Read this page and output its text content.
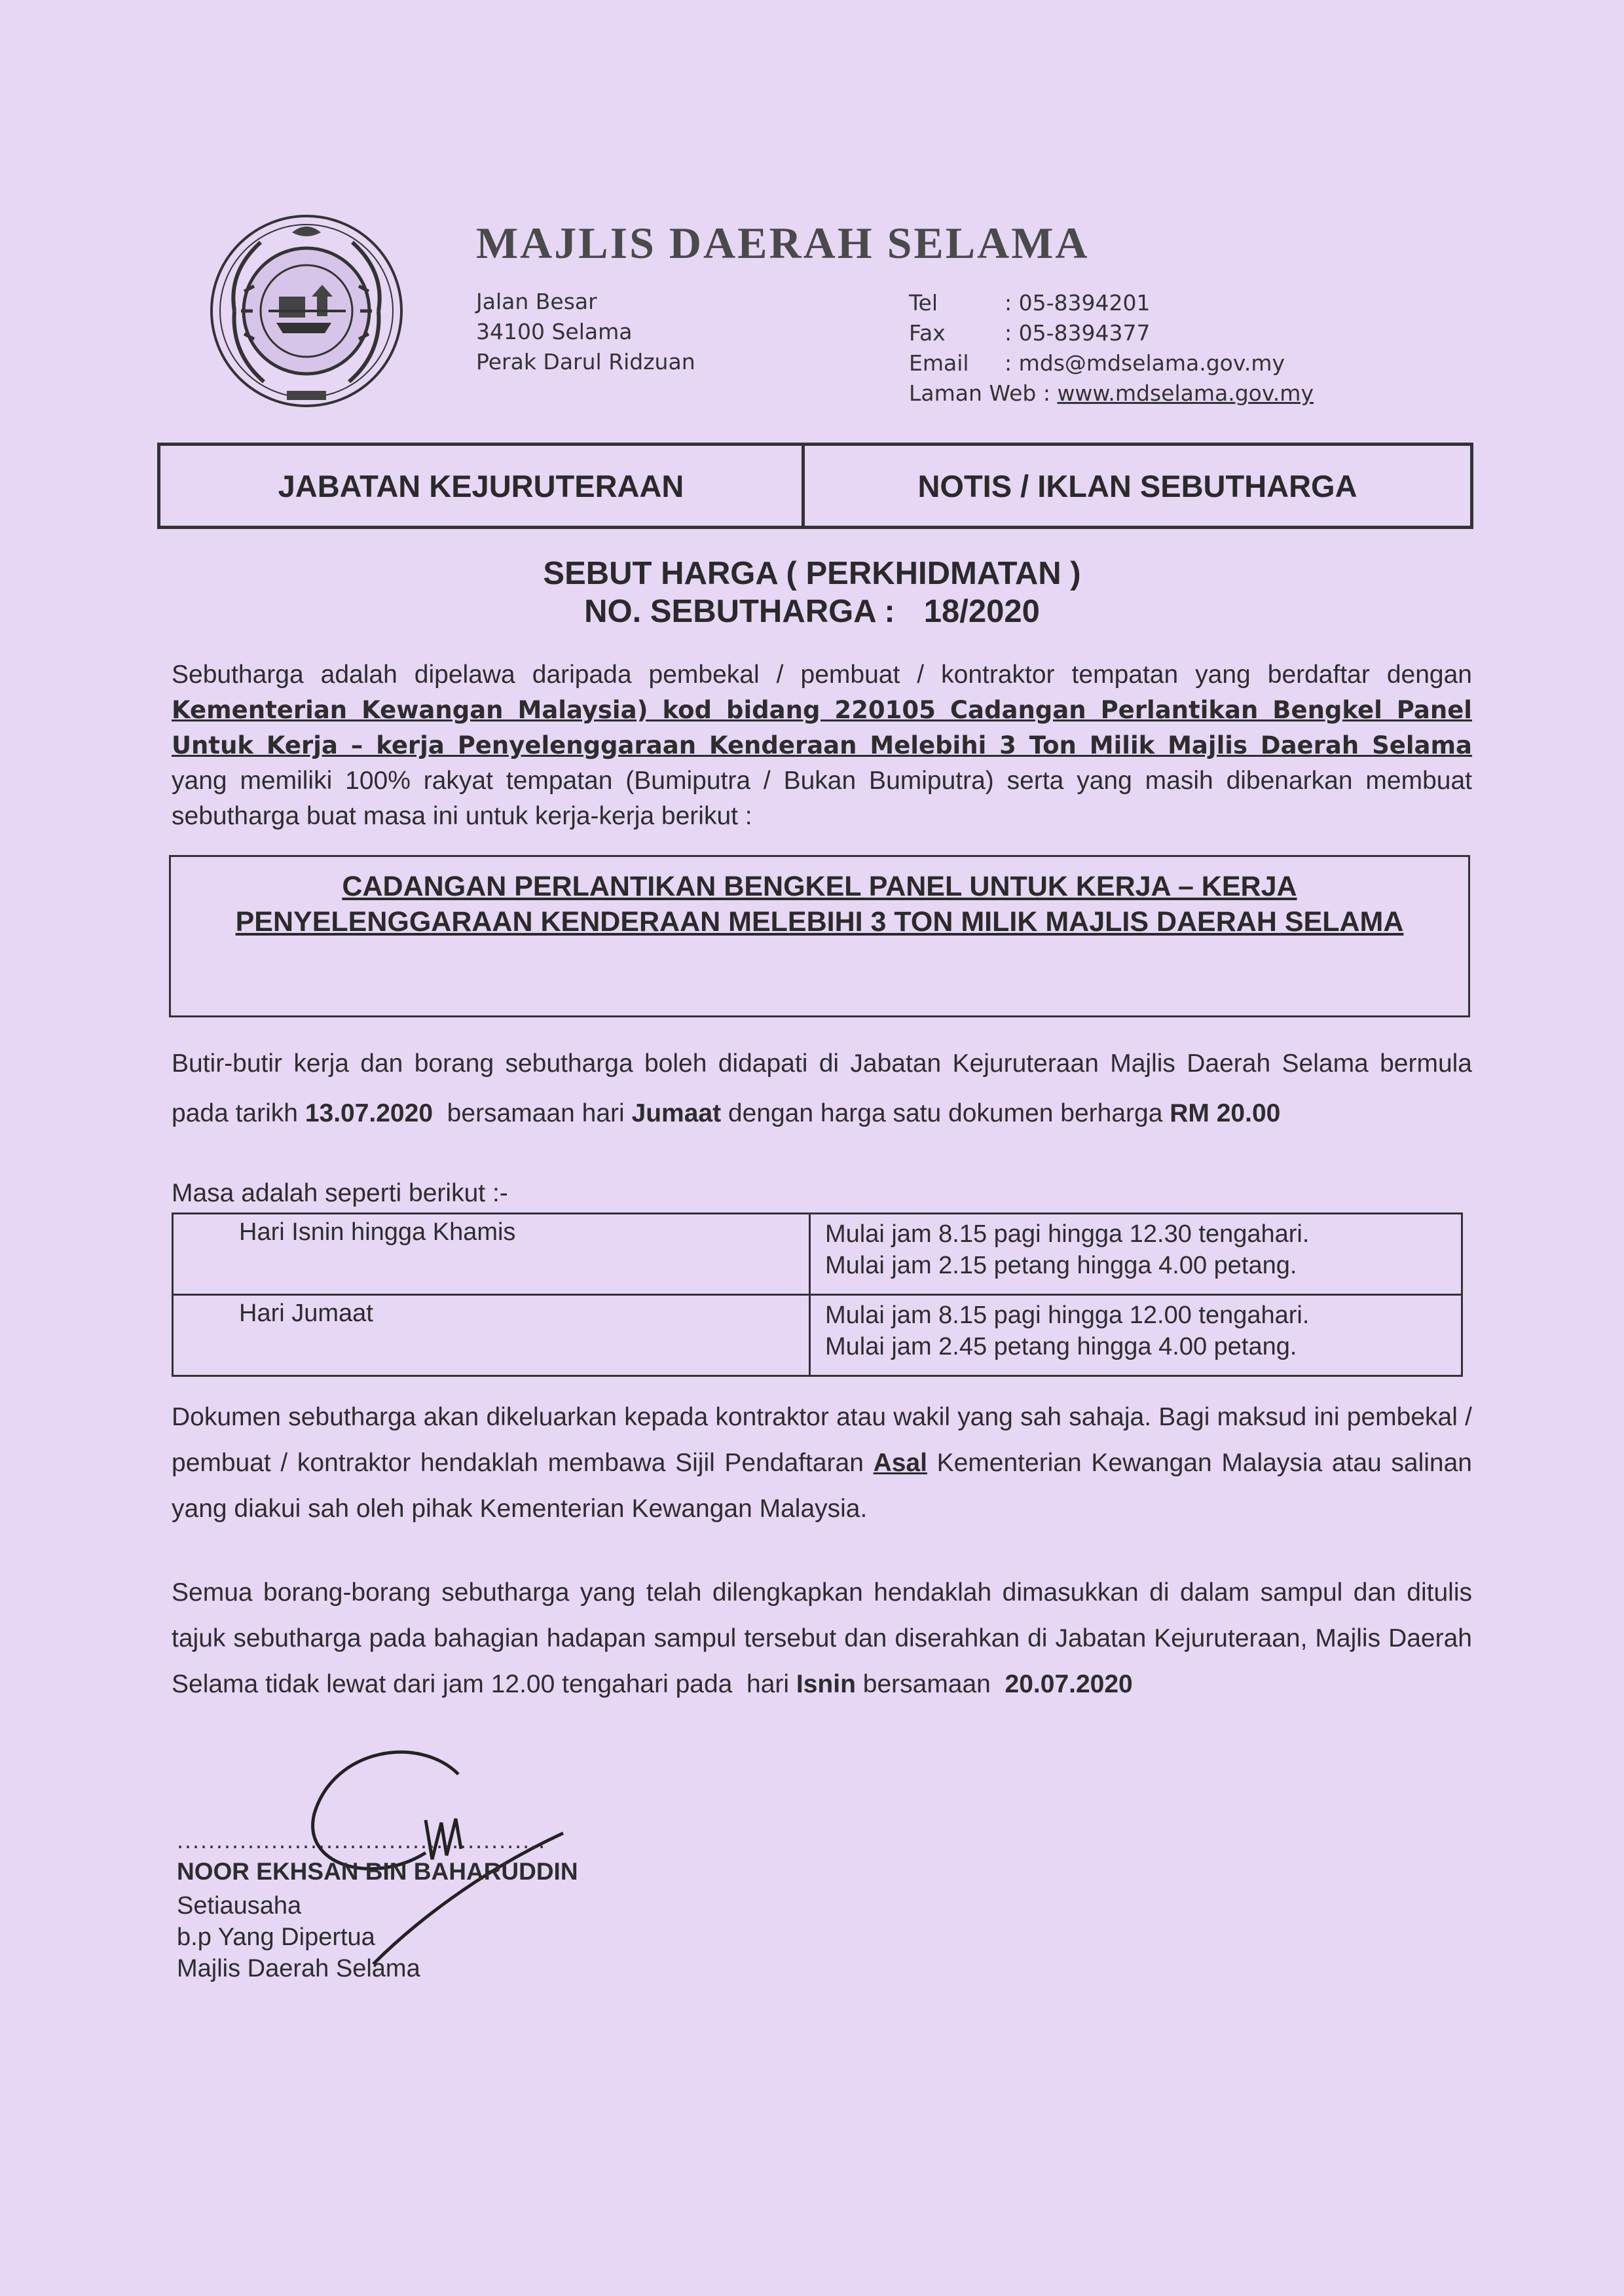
MAJLIS DAERAH SELAMA
Jalan Besar
34100 Selama
Perak Darul Ridzuan
Tel	: 05-8394201
Fax	: 05-8394377
Email : mds@mdselama.gov.my
Laman Web : www.mdselama.gov.my
JABATAN KEJURUTERAAN	NOTIS / IKLAN SEBUTHARGA
SEBUT HARGA ( PERKHIDMATAN )
NO. SEBUTHARGA : 18/2020
Sebutharga adalah dipelawa daripada pembekal / pembuat / kontraktor tempatan yang berdaftar dengan Kementerian Kewangan Malaysia) kod bidang 220105 Cadangan Perlantikan Bengkel Panel Untuk Kerja – kerja Penyelenggaraan Kenderaan Melebihi 3 Ton Milik Majlis Daerah Selama yang memiliki 100% rakyat tempatan (Bumiputra / Bukan Bumiputra) serta yang masih dibenarkan membuat sebutharga buat masa ini untuk kerja-kerja berikut :
CADANGAN PERLANTIKAN BENGKEL PANEL UNTUK KERJA – KERJA
PENYELENGGARAAN KENDERAAN MELEBIHI 3 TON MILIK MAJLIS DAERAH SELAMA
Butir-butir kerja dan borang sebutharga boleh didapati di Jabatan Kejuruteraan Majlis Daerah Selama bermula pada tarikh 13.07.2020  bersamaan hari Jumaat dengan harga satu dokumen berharga RM 20.00
Masa adalah seperti berikut :-
Hari Isnin hingga Khamis	Mulai jam 8.15 pagi hingga 12.30 tengahari.
Mulai jam 2.15 petang hingga 4.00 petang.

Hari Jumaat	Mulai jam 8.15 pagi hingga 12.00 tengahari.
Mulai jam 2.45 petang hingga 4.00 petang.
Dokumen sebutharga akan dikeluarkan kepada kontraktor atau wakil yang sah sahaja. Bagi maksud ini pembekal / pembuat / kontraktor hendaklah membawa Sijil Pendaftaran Asal Kementerian Kewangan Malaysia atau salinan yang diakui sah oleh pihak Kementerian Kewangan Malaysia.
Semua borang-borang sebutharga yang telah dilengkapkan hendaklah dimasukkan di dalam sampul dan ditulis tajuk sebutharga pada bahagian hadapan sampul tersebut dan diserahkan di Jabatan Kejuruteraan, Majlis Daerah Selama tidak lewat dari jam 12.00 tengahari pada  hari Isnin bersamaan  20.07.2020
...............................................
NOOR EKHSAN BIN BAHARUDDIN
Setiausaha
b.p Yang Dipertua
Majlis Daerah Selama
